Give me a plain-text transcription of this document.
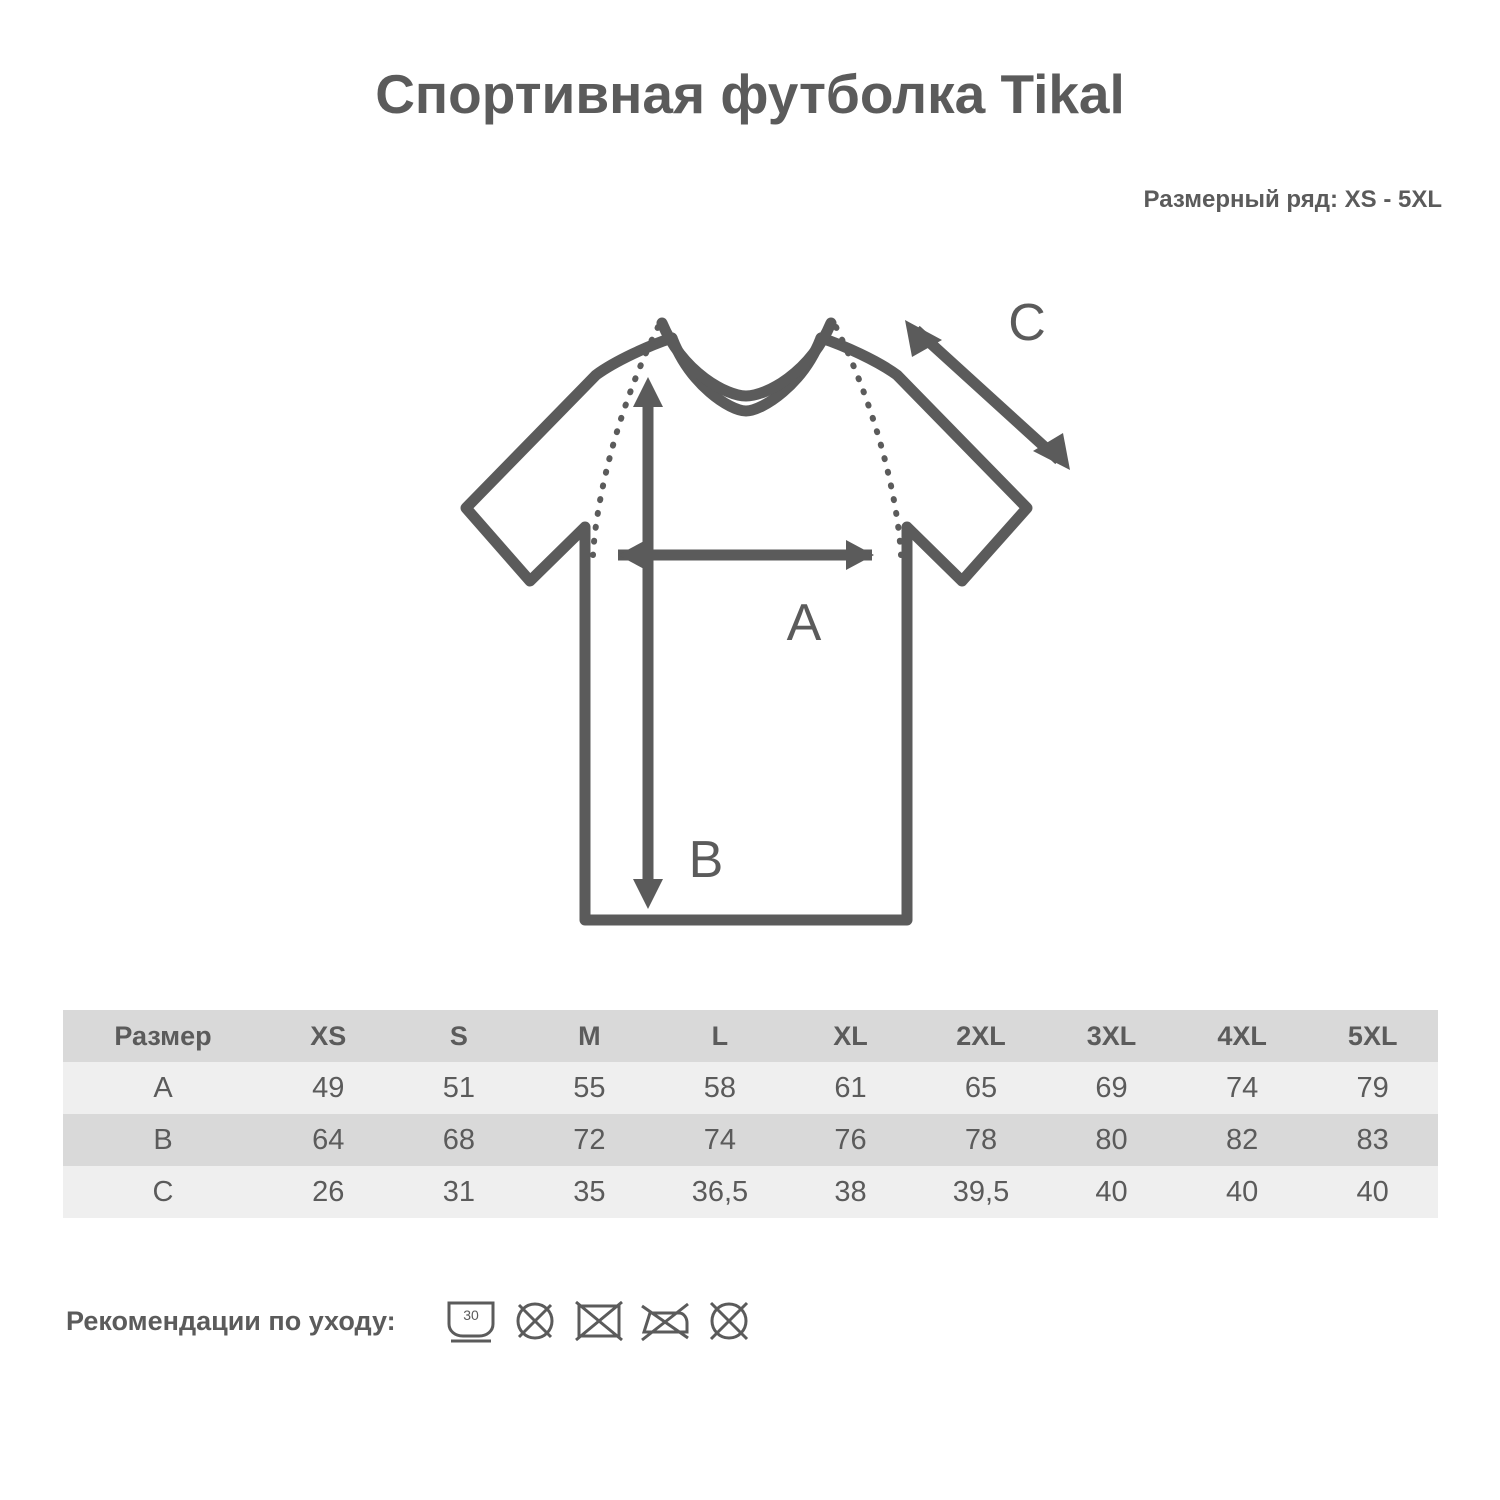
Спортивная футболка Tikal
Размерный ряд: XS - 5XL
A
B
C
Размер	XS	S	M	L	XL	2XL	3XL	4XL	5XL
A	49	51	55	58	61	65	69	74	79
B	64	68	72	74	76	78	80	82	83
C	26	31	35	36,5	38	39,5	40	40	40
Рекомендации по уходу:	30
